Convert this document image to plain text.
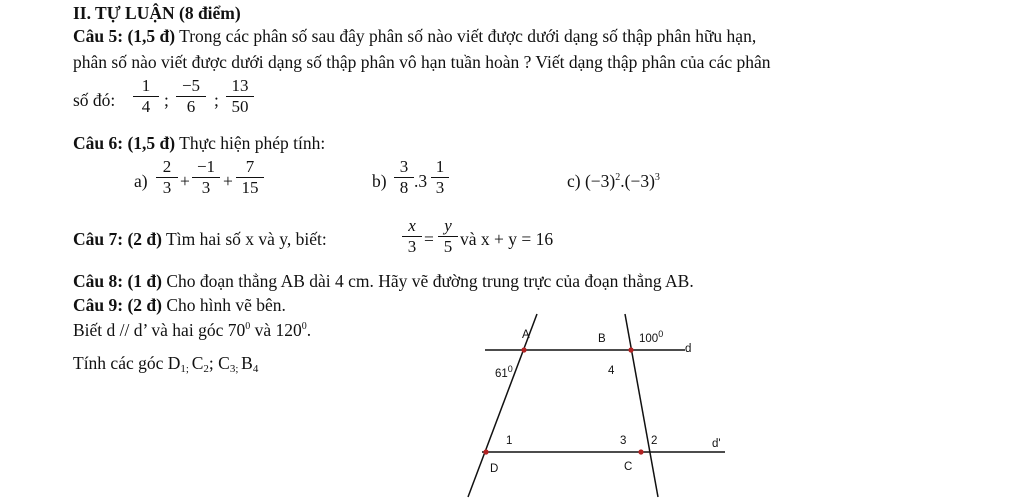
II. TỰ LUẬN (8 điểm)
Câu 5: (1,5 đ) Trong các phân số sau đây phân số nào viết được dưới dạng số thập phân hữu hạn,
phân số nào viết được dưới dạng số thập phân vô hạn tuần hoàn ? Viết dạng thập phân của các phân
số đó: $\frac{1}{4}$ ; $\frac{-5}{6}$ ; $\frac{13}{50}$
Câu 6: (1,5 đ) Thực hiện phép tính:
$a) \frac{2}{3} + \frac{-1}{3} + \frac{7}{15}$	$b) \frac{3}{8} .3 \frac{1}{3}$	c) $(-3)^2.(-3)^3$
Câu 7: (2 đ) Tìm hai số x và y, biết:	$\frac{x}{3} = \frac{y}{5}$ và x + y = 16
Câu 8: (1 đ) Cho đoạn thẳng AB dài 4 cm. Hãy vẽ đường trung trực của đoạn thẳng AB.
Câu 9: (2 đ) Cho hình vẽ bên.
Biết d // d’ và hai góc $70^0$ và $120^0$.
Tính các góc $D_{1;}$ $C_2$; $C_{3;}$ $B_4$
A	B	$100^0$
d
$61^0$	4
1	3 2	d'
D	C
